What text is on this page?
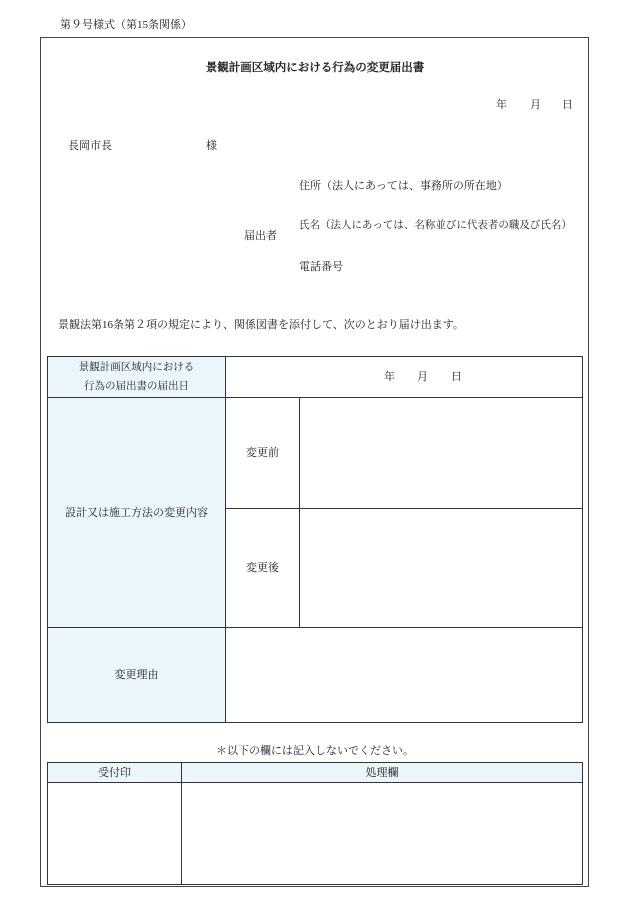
第９号様式（第15条関係）
景観計画区域内における行為の変更届出書
年 月 日
長岡市長	様
住所（法人にあっては、事務所の所在地）
届出者
氏名（法人にあっては、名称並びに代表者の職及び氏名）
電話番号
景観法第16条第２項の規定により、関係図書を添付して、次のとおり届け出ます。
景観計画区域内における
行為の届出書の届出日
年 月 日
設計又は施工方法の変更内容
変更前
変更後
変更理由
＊以下の欄には記入しないでください。
受付印	処理欄
